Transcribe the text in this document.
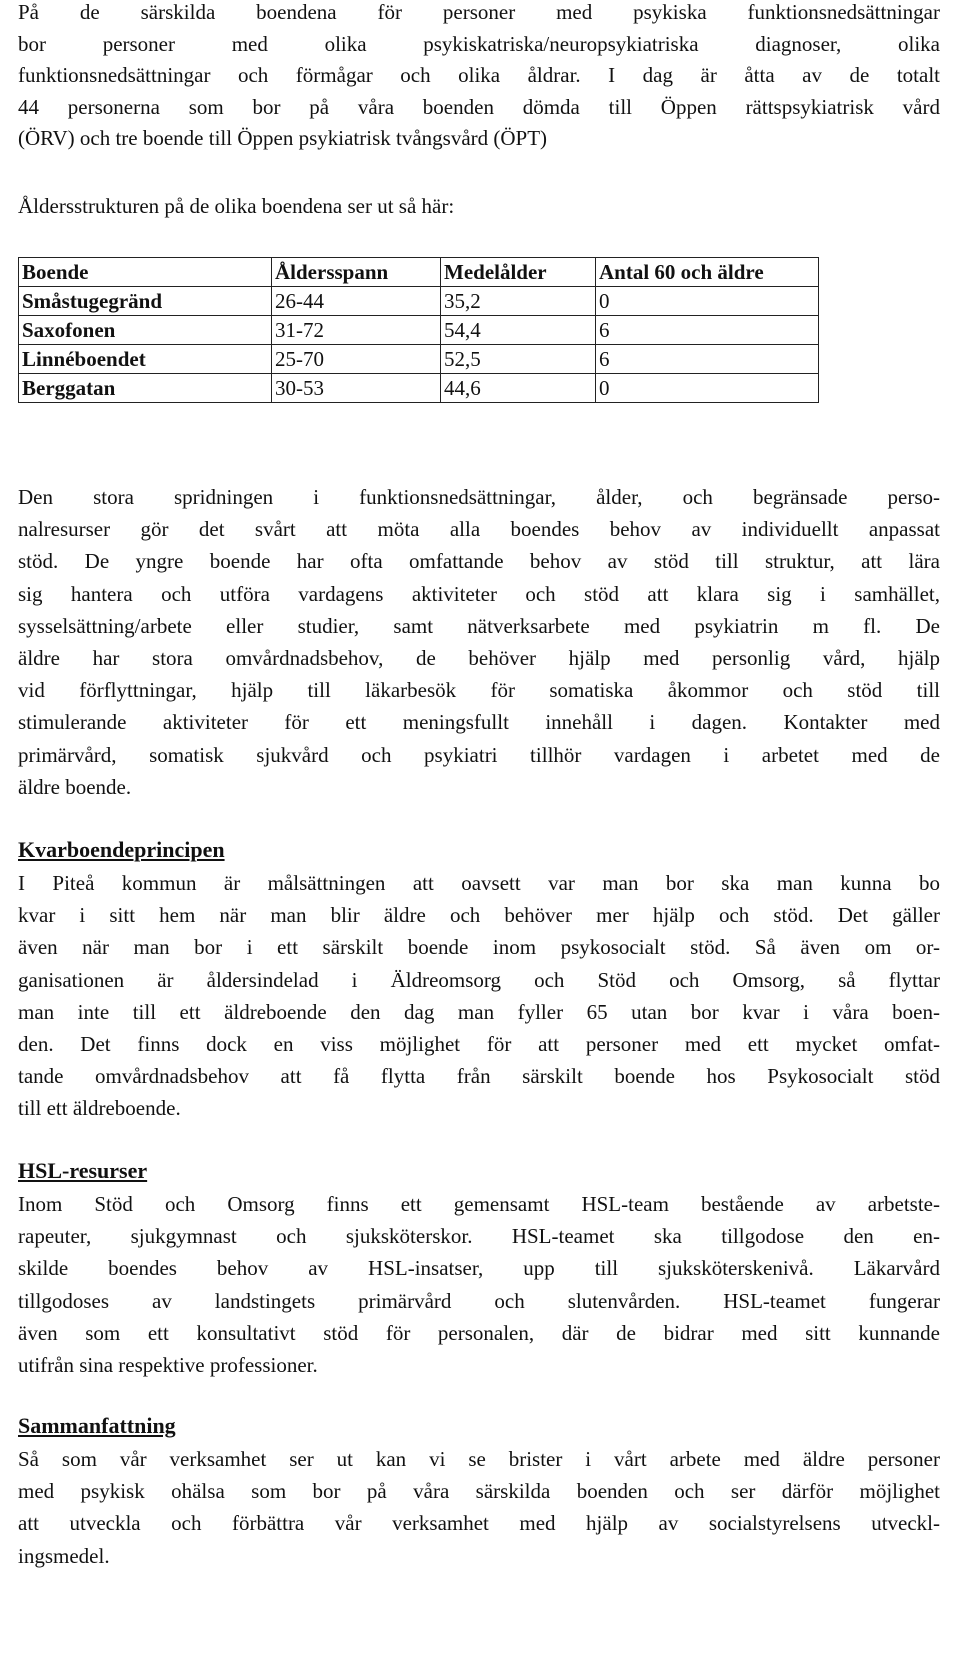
På de särskilda boendena för personer med psykiska funktionsnedsättningar
bor personer med olika psykiskatriska/neuropsykiatriska diagnoser, olika
funktionsnedsättningar och förmågar och olika åldrar. I dag är åtta av de totalt
44 personerna som bor på våra boenden dömda till Öppen rättspsykiatrisk vård
(ÖRV) och tre boende till Öppen psykiatrisk tvångsvård (ÖPT)
Åldersstrukturen på de olika boendena ser ut så här:
Boende	Åldersspann	Medelålder	Antal 60 och äldre
Småstugegränd	26-44	35,2	0
Saxofonen	31-72	54,4	6
Linnéboendet	25-70	52,5	6
Berggatan	30-53	44,6	0
Den stora spridningen i funktionsnedsättningar, ålder, och begränsade perso-
nalresurser gör det svårt att möta alla boendes behov av individuellt anpassat
stöd. De yngre boende har ofta omfattande behov av stöd till struktur, att lära
sig hantera och utföra vardagens aktiviteter och stöd att klara sig i samhället,
sysselsättning/arbete eller studier, samt nätverksarbete med psykiatrin m fl. De
äldre har stora omvårdnadsbehov, de behöver hjälp med personlig vård, hjälp
vid förflyttningar, hjälp till läkarbesök för somatiska åkommor och stöd till
stimulerande aktiviteter för ett meningsfullt innehåll i dagen. Kontakter med
primärvård, somatisk sjukvård och psykiatri tillhör vardagen i arbetet med de
äldre boende.
Kvarboendeprincipen
I Piteå kommun är målsättningen att oavsett var man bor ska man kunna bo
kvar i sitt hem när man blir äldre och behöver mer hjälp och stöd. Det gäller
även när man bor i ett särskilt boende inom psykosocialt stöd. Så även om or-
ganisationen är åldersindelad i Äldreomsorg och Stöd och Omsorg, så flyttar
man inte till ett äldreboende den dag man fyller 65 utan bor kvar i våra boen-
den. Det finns dock en viss möjlighet för att personer med ett mycket omfat-
tande omvårdnadsbehov att få flytta från särskilt boende hos Psykosocialt stöd
till ett äldreboende.
HSL-resurser
Inom Stöd och Omsorg finns ett gemensamt HSL-team bestående av arbetste-
rapeuter, sjukgymnast och sjuksköterskor. HSL-teamet ska tillgodose den en-
skilde boendes behov av HSL-insatser, upp till sjuksköterskenivå. Läkarvård
tillgodoses av landstingets primärvård och slutenvården. HSL-teamet fungerar
även som ett konsultativt stöd för personalen, där de bidrar med sitt kunnande
utifrån sina respektive professioner.
Sammanfattning
Så som vår verksamhet ser ut kan vi se brister i vårt arbete med äldre personer
med psykisk ohälsa som bor på våra särskilda boenden och ser därför möjlighet
att utveckla och förbättra vår verksamhet med hjälp av socialstyrelsens utveckl-
ingsmedel.
